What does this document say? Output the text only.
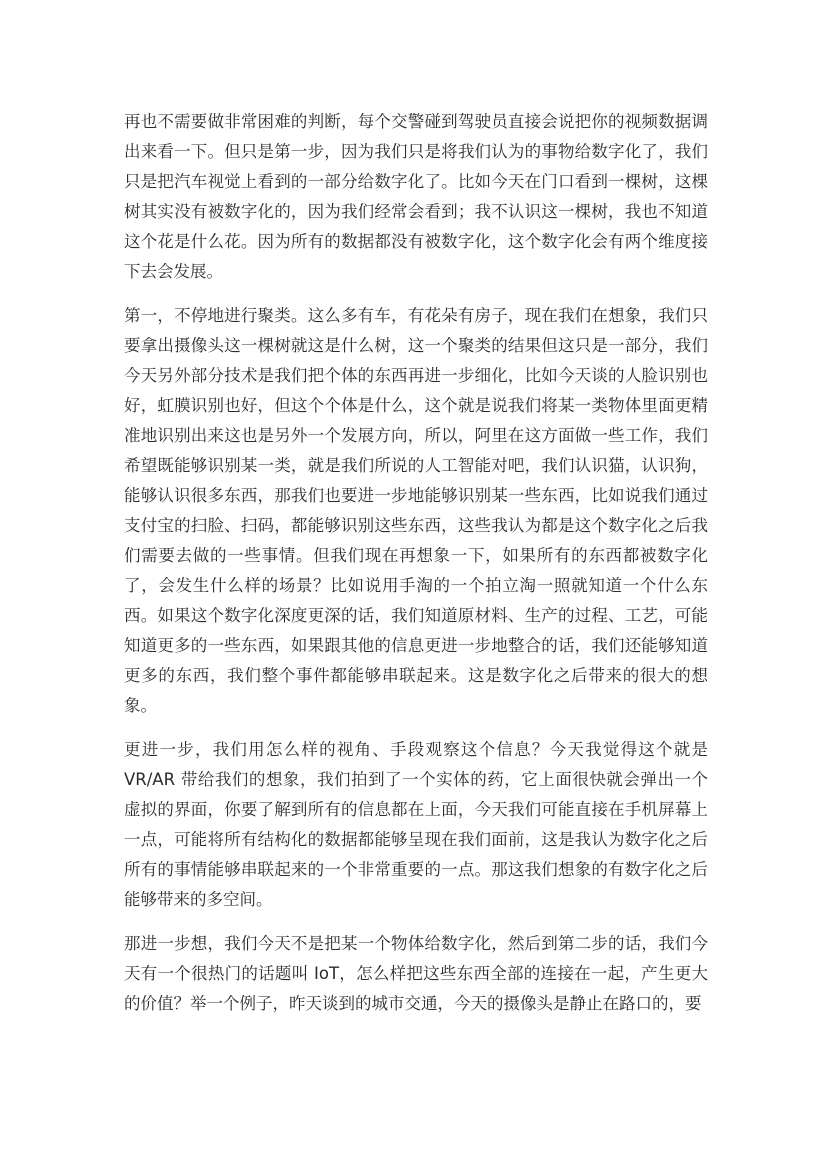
再也不需要做非常困难的判断，每个交警碰到驾驶员直接会说把你的视频数据调出来看一下。但只是第一步，因为我们只是将我们认为的事物给数字化了，我们只是把汽车视觉上看到的一部分给数字化了。比如今天在门口看到一棵树，这棵树其实没有被数字化的，因为我们经常会看到；我不认识这一棵树，我也不知道这个花是什么花。因为所有的数据都没有被数字化，这个数字化会有两个维度接下去会发展。

第一，不停地进行聚类。这么多有车，有花朵有房子，现在我们在想象，我们只要拿出摄像头这一棵树就这是什么树，这一个聚类的结果但这只是一部分，我们今天另外部分技术是我们把个体的东西再进一步细化，比如今天谈的人脸识别也好，虹膜识别也好，但这个个体是什么，这个就是说我们将某一类物体里面更精准地识别出来这也是另外一个发展方向，所以，阿里在这方面做一些工作，我们希望既能够识别某一类，就是我们所说的人工智能对吧，我们认识猫，认识狗，能够认识很多东西，那我们也要进一步地能够识别某一些东西，比如说我们通过支付宝的扫脸、扫码，都能够识别这些东西，这些我认为都是这个数字化之后我们需要去做的一些事情。但我们现在再想象一下，如果所有的东西都被数字化了，会发生什么样的场景？比如说用手淘的一个拍立淘一照就知道一个什么东西。如果这个数字化深度更深的话，我们知道原材料、生产的过程、工艺，可能知道更多的一些东西，如果跟其他的信息更进一步地整合的话，我们还能够知道更多的东西，我们整个事件都能够串联起来。这是数字化之后带来的很大的想象。

更进一步，我们用怎么样的视角、手段观察这个信息？今天我觉得这个就是 VR/AR 带给我们的想象，我们拍到了一个实体的药，它上面很快就会弹出一个虚拟的界面，你要了解到所有的信息都在上面，今天我们可能直接在手机屏幕上一点，可能将所有结构化的数据都能够呈现在我们面前，这是我认为数字化之后所有的事情能够串联起来的一个非常重要的一点。那这我们想象的有数字化之后能够带来的多空间。

那进一步想，我们今天不是把某一个物体给数字化，然后到第二步的话，我们今天有一个很热门的话题叫 IoT，怎么样把这些东西全部的连接在一起，产生更大的价值？举一个例子，昨天谈到的城市交通，今天的摄像头是静止在路口的，要
